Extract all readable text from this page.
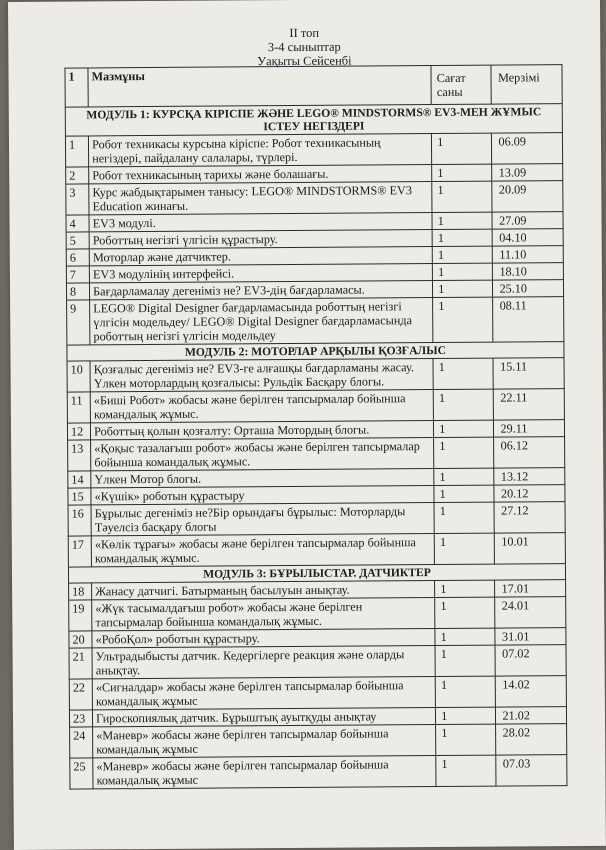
II топ
3-4 сыныптар
Уақыты Сейсенбі
1	Мазмұны	Сағат саны	Мерзімі

МОДУЛЬ 1: КУРСҚА КІРІСПЕ ЖӘНЕ LEGO® MINDSTORMS® EV3-МЕН ЖҰМЫС ІСТЕУ НЕГІЗДЕРІ			
1	Робот техникасы курсына кіріспе: Робот техникасының негіздері, пайдалану салалары, түрлері.	1	06.09
2	Робот техникасының тарихы және болашағы.	1	13.09
3	Курс жабдықтарымен танысу: LEGO® MINDSTORMS® EV3 Education жинағы.	1	20.09
4	EV3 модулі.	1	27.09
5	Роботтың негізгі үлгісін құрастыру.	1	04.10
6	Моторлар және датчиктер.	1	11.10
7	EV3 модулінің интерфейсі.	1	18.10
8	Бағдарламалау дегеніміз не? EV3-дің бағдарламасы.	1	25.10
9	LEGO® Digital Designer бағдарламасында роботтың негізгі үлгісін модельдеу/ LEGO® Digital Designer бағдарламасында роботтың негізгі үлгісін модельдеу	1	08.11
МОДУЛЬ 2: МОТОРЛАР АРҚЫЛЫ ҚОЗҒАЛЫС			
10	Қозғалыс дегеніміз не? EV3-ге алғашқы бағдарламаны жасау. Үлкен моторлардың қозғалысы: Рульдік Басқару блогы.	1	15.11
11	«Биші Робот» жобасы және берілген тапсырмалар бойынша командалық жұмыс.	1	22.11
12	Роботтың қолын қозғалту: Орташа Мотордың блогы.	1	29.11
13	«Қоқыс тазалағыш робот» жобасы және берілген тапсырмалар бойынша командалық жұмыс.	1	06.12
14	Үлкен Мотор блогы.	1	13.12
15	«Күшік» роботын құрастыру	1	20.12
16	Бұрылыс дегеніміз не?Бір орындағы бұрылыс: Моторларды Тәуелсіз басқару блогы	1	27.12
17	«Көлік тұрағы» жобасы және берілген тапсырмалар бойынша командалық жұмыс.	1	10.01
МОДУЛЬ 3: БҰРЫЛЫСТАР. ДАТЧИКТЕР			
18	Жанасу датчигі. Батырманың басылуын анықтау.	1	17.01
19	«Жүк тасымалдағыш робот» жобасы және берілген тапсырмалар бойынша командалық жұмыс.	1	24.01
20	«РобоҚол» роботын құрастыру.	1	31.01
21	Ультрадыбысты датчик. Кедергілерге реакция және оларды анықтау.	1	07.02
22	«Сигналдар» жобасы және берілген тапсырмалар бойынша командалық жұмыс	1	14.02
23	Гироскопиялық датчик. Бұрыштық ауытқуды анықтау	1	21.02
24	«Маневр» жобасы және берілген тапсырмалар бойынша командалық жұмыс	1	28.02
25	«Маневр» жобасы және берілген тапсырмалар бойынша командалық жұмыс	1	07.03
